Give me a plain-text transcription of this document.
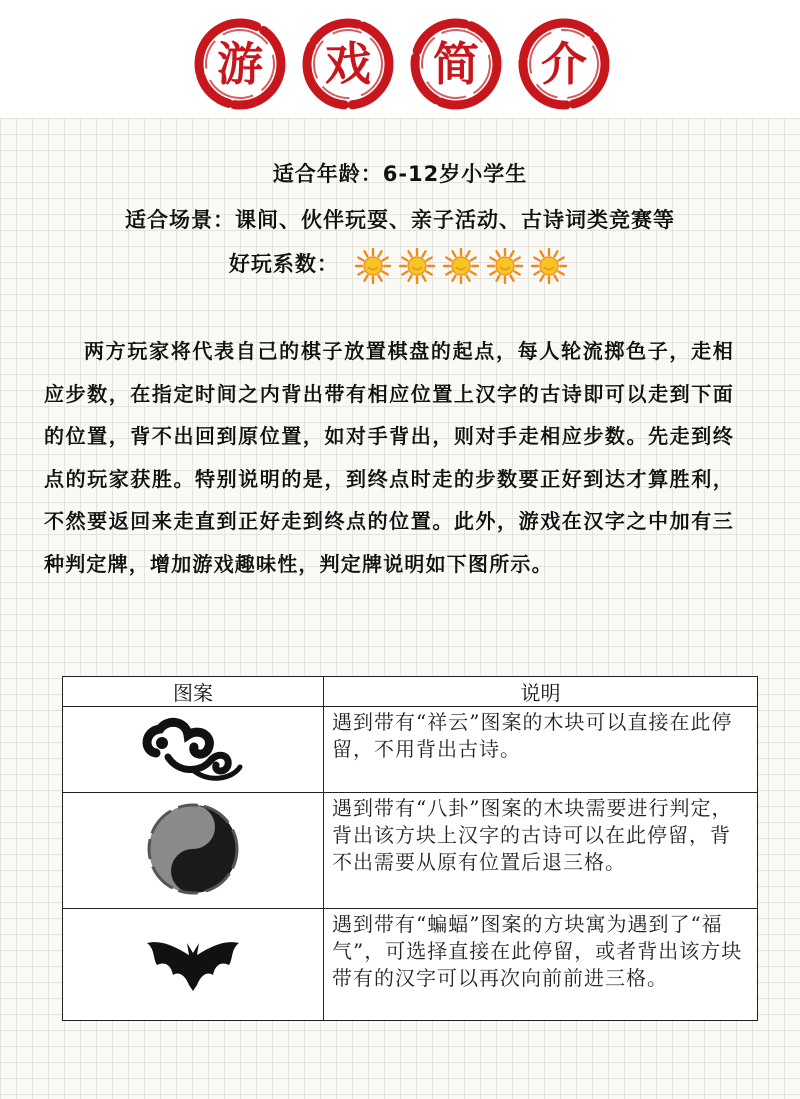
游	戏	简	介
适合年龄：6-12岁小学生
适合场景：课间、伙伴玩耍、亲子活动、古诗词类竞赛等
好玩系数：

两方玩家将代表自己的棋子放置棋盘的起点，每人轮流掷色子，走相应步数，在指定时间之内背出带有相应位置上汉字的古诗即可以走到下面的位置，背不出回到原位置，如对手背出，则对手走相应步数。先走到终点的玩家获胜。特别说明的是，到终点时走的步数要正好到达才算胜利，不然要返回来走直到正好走到终点的位置。此外，游戏在汉字之中加有三种判定牌，增加游戏趣味性，判定牌说明如下图所示。

图案	说明
	遇到带有“祥云”图案的木块可以直接在此停留，不用背出古诗。
	遇到带有“八卦”图案的木块需要进行判定，背出该方块上汉字的古诗可以在此停留，背不出需要从原有位置后退三格。
	遇到带有“蝙蝠”图案的方块寓为遇到了“福气”，可选择直接在此停留，或者背出该方块带有的汉字可以再次向前前进三格。
